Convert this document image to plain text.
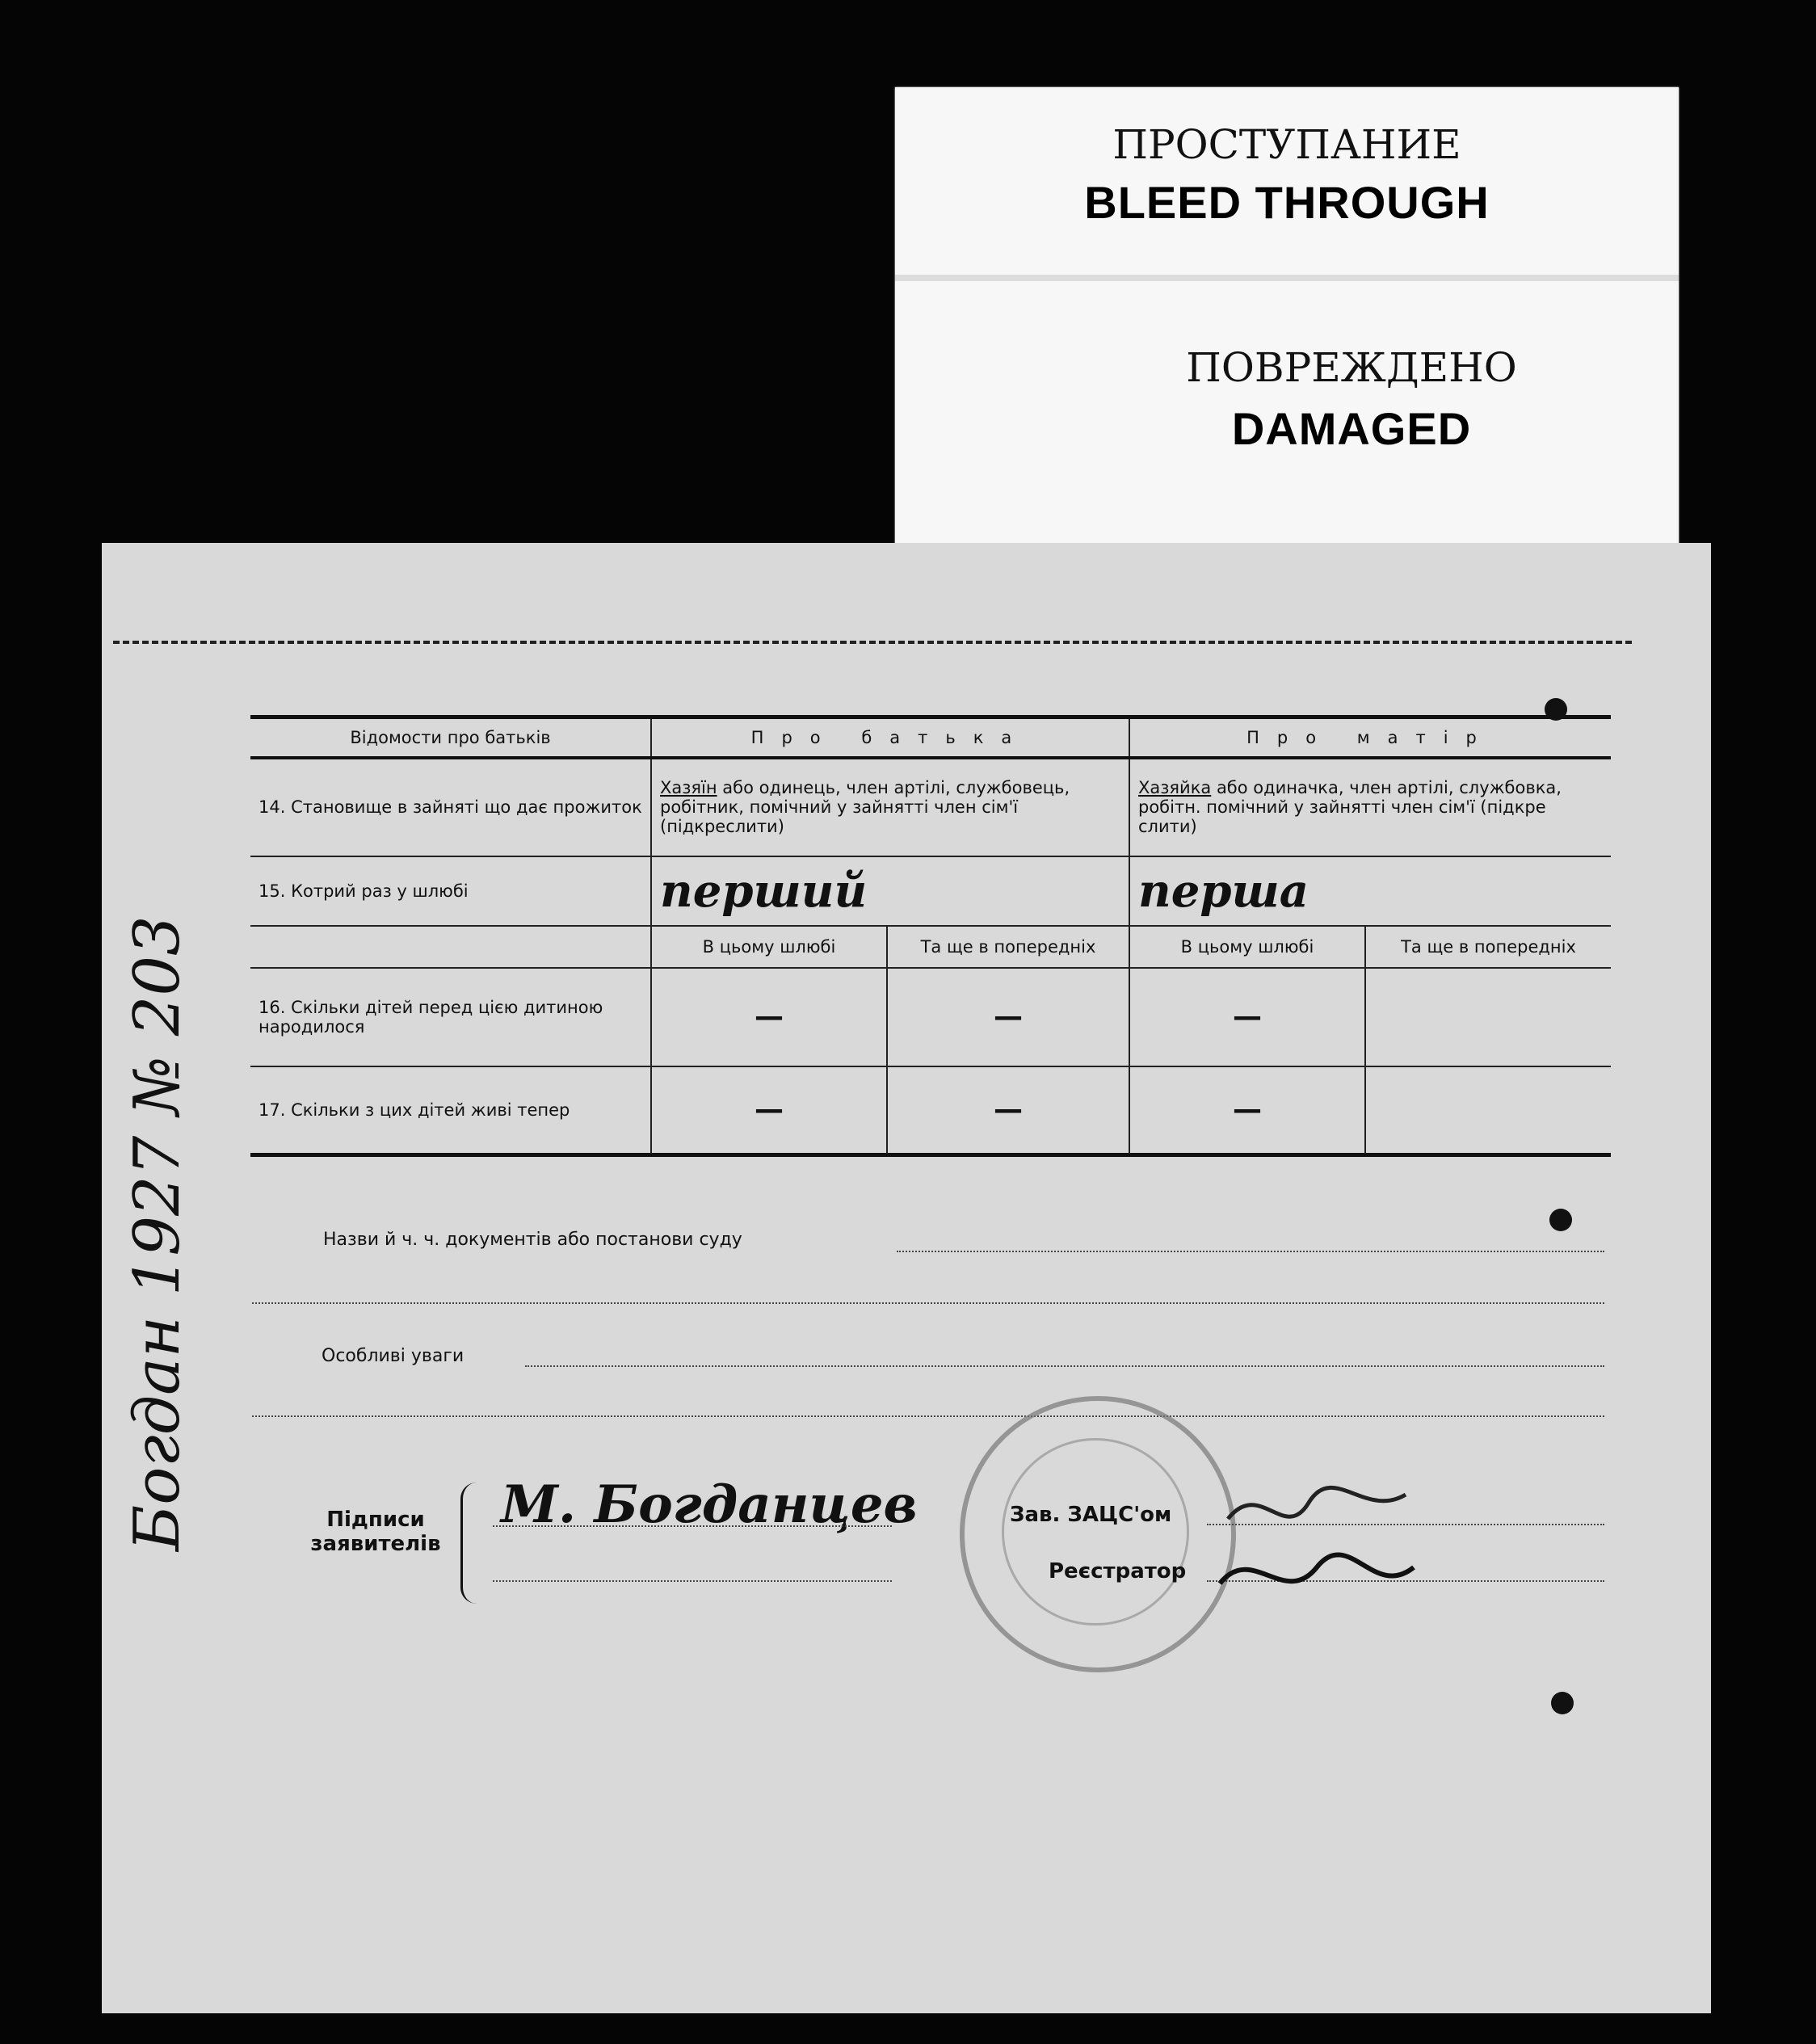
ПРОСТУПАНИЕ
BLEED THROUGH
ПОВРЕЖДЕНО
DAMAGED
Богдан 1927 № 203
Відомости про батьків	Про батька		Про матір	
14. Становище в зайняті що дає прожиток	Хазяїн або одинець, член артілі, службовець, робітник, помічний у зайнятті член сім'ї (підкреслити)		Хазяйка або одиначка, член артілі, службовка, робітн. помічний у зайнятті член сім'ї (підкре слити)	
15. Котрий раз у шлюбі	перший		перша	
	В цьому шлюбі	Та ще в попередніх	В цьому шлюбі	Та ще в попередніх
16. Скільки дітей перед цією дитиною народилося	—	—	—	
17. Скільки з цих дітей живі тепер	—	—	—	
Назви й ч. ч. документів або постанови суду
Особливі уваги
Підписи заявителів
М. Богданцев	Зав. ЗАЦС'ом
Реєстратор
